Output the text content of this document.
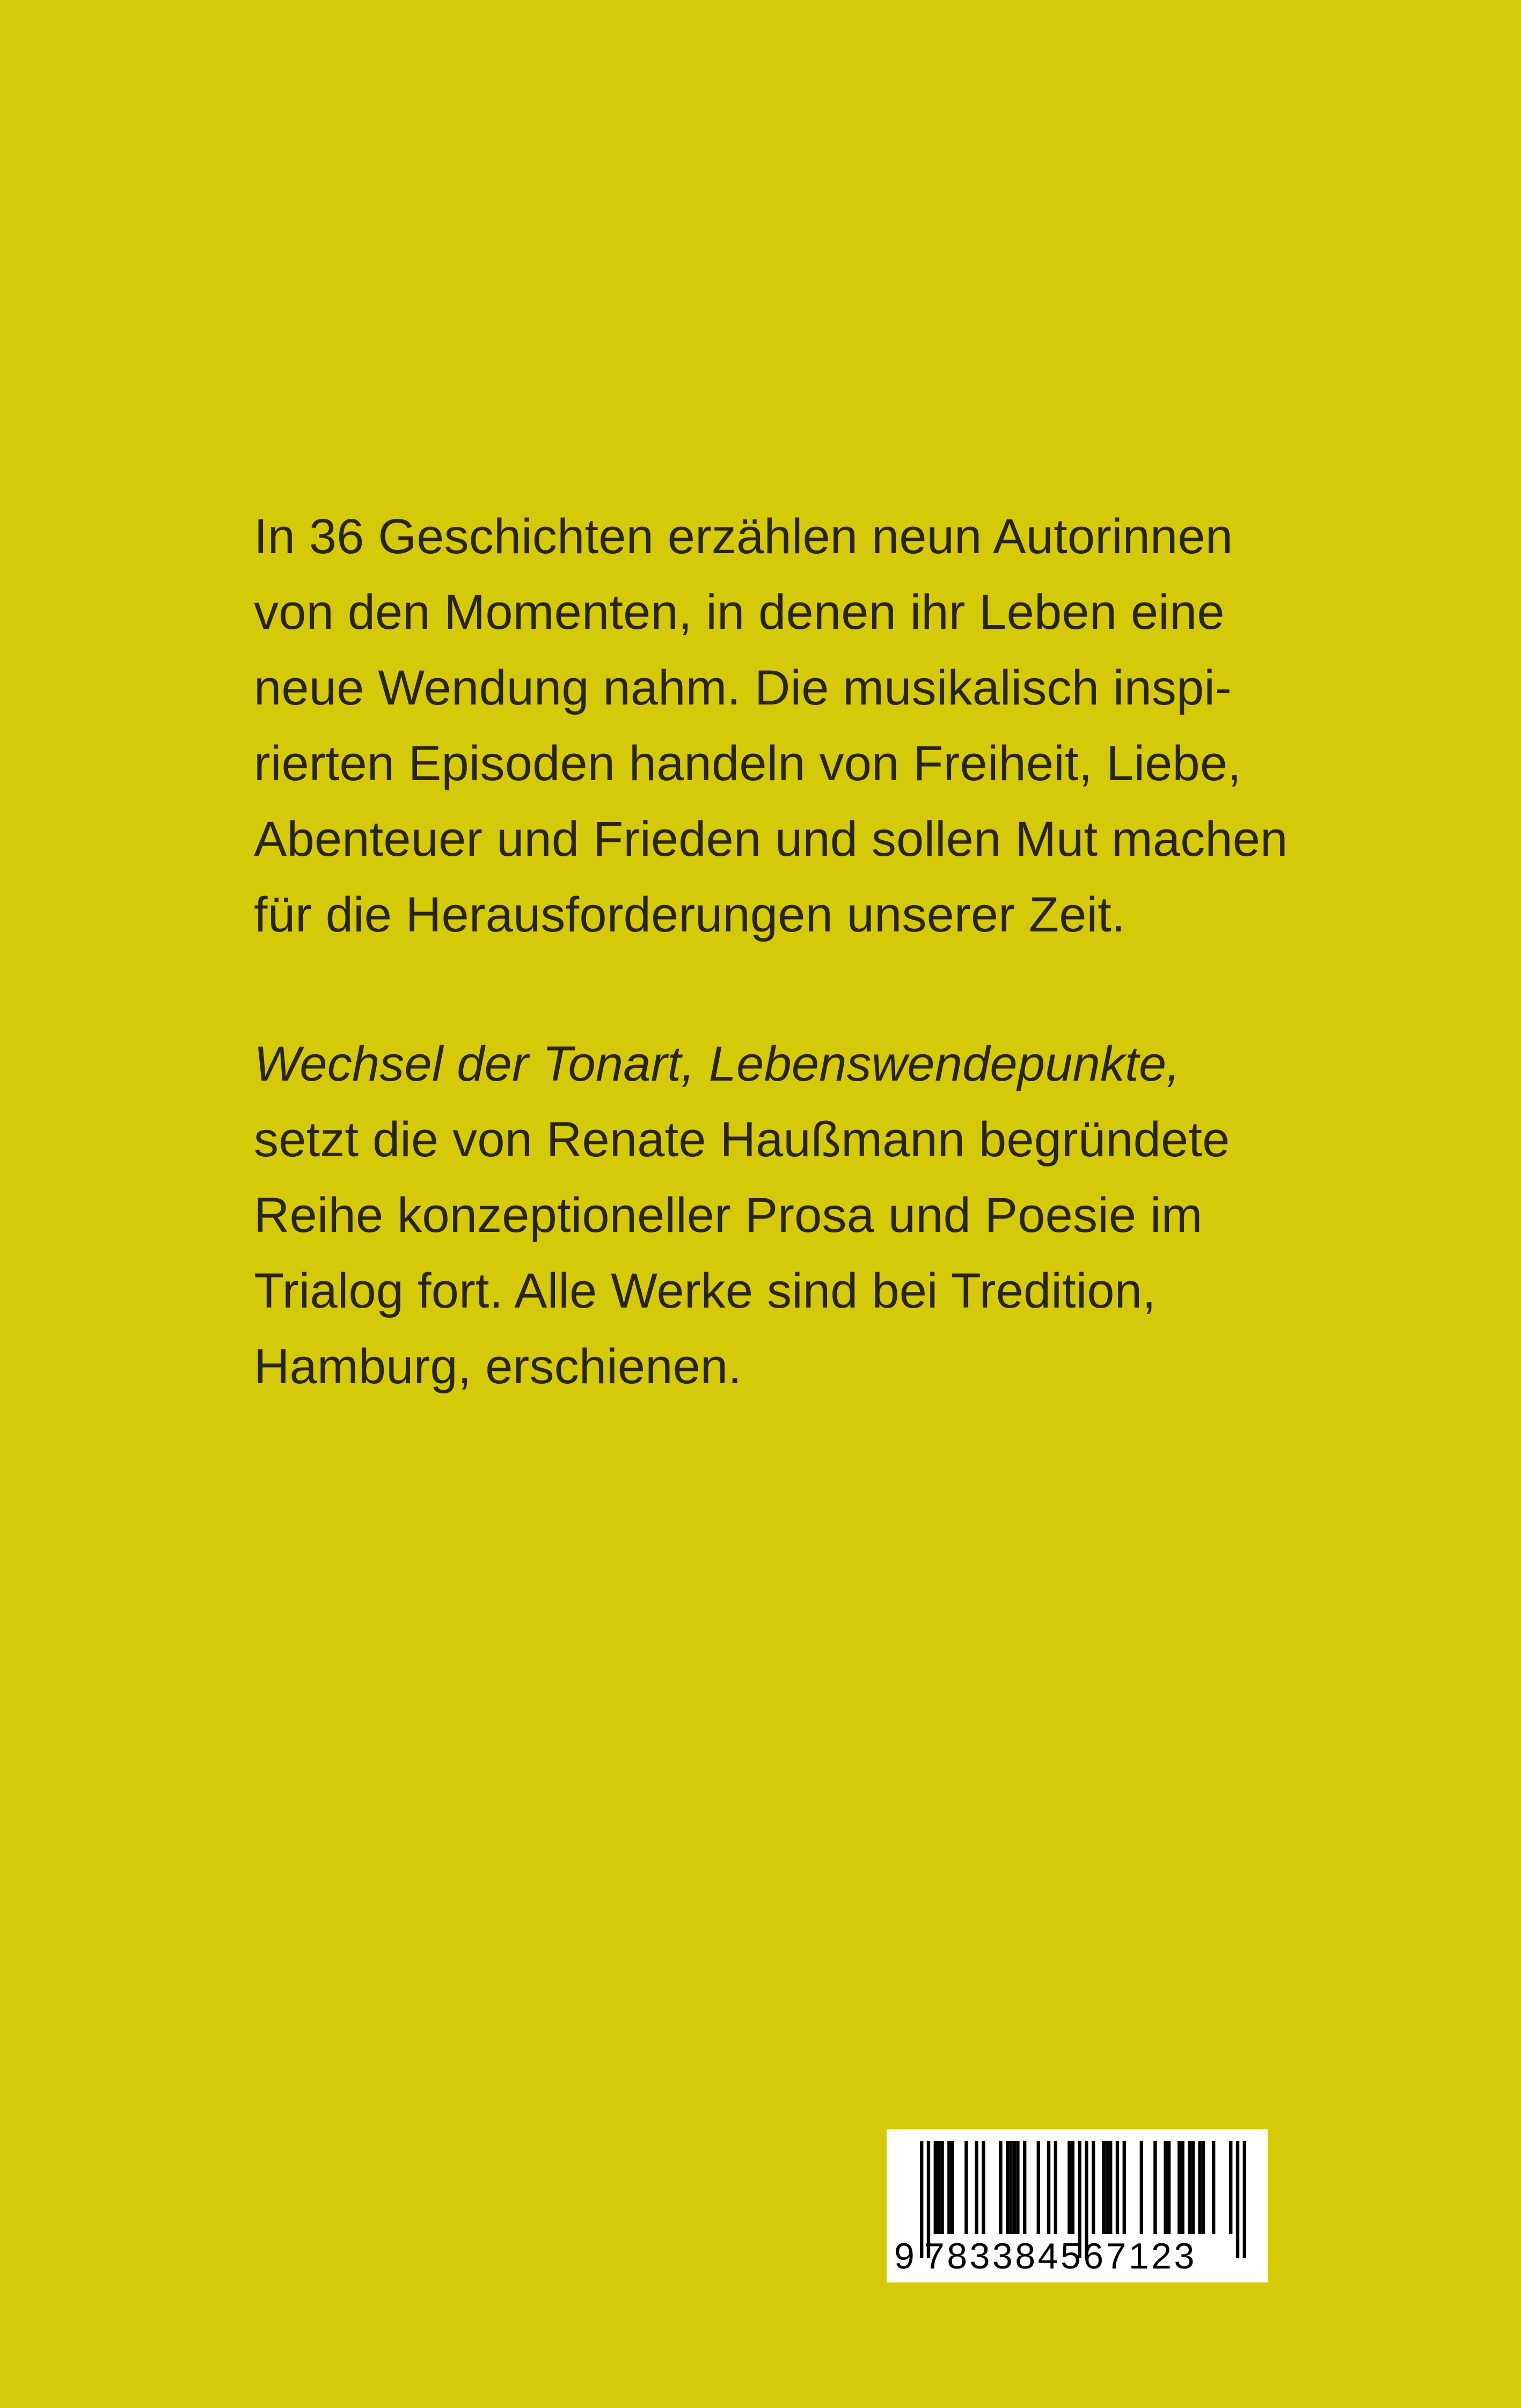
In 36 Geschichten erzählen neun Autorinnen
von den Momenten, in denen ihr Leben eine
neue Wendung nahm. Die musikalisch inspi-
rierten Episoden handeln von Freiheit, Liebe,
Abenteuer und Frieden und sollen Mut machen
für die Herausforderungen unserer Zeit.
Wechsel der Tonart, Lebenswendepunkte,
setzt die von Renate Haußmann begründete
Reihe konzeptioneller Prosa und Poesie im
Trialog fort. Alle Werke sind bei Tredition,
Hamburg, erschienen.
9 783384567123
